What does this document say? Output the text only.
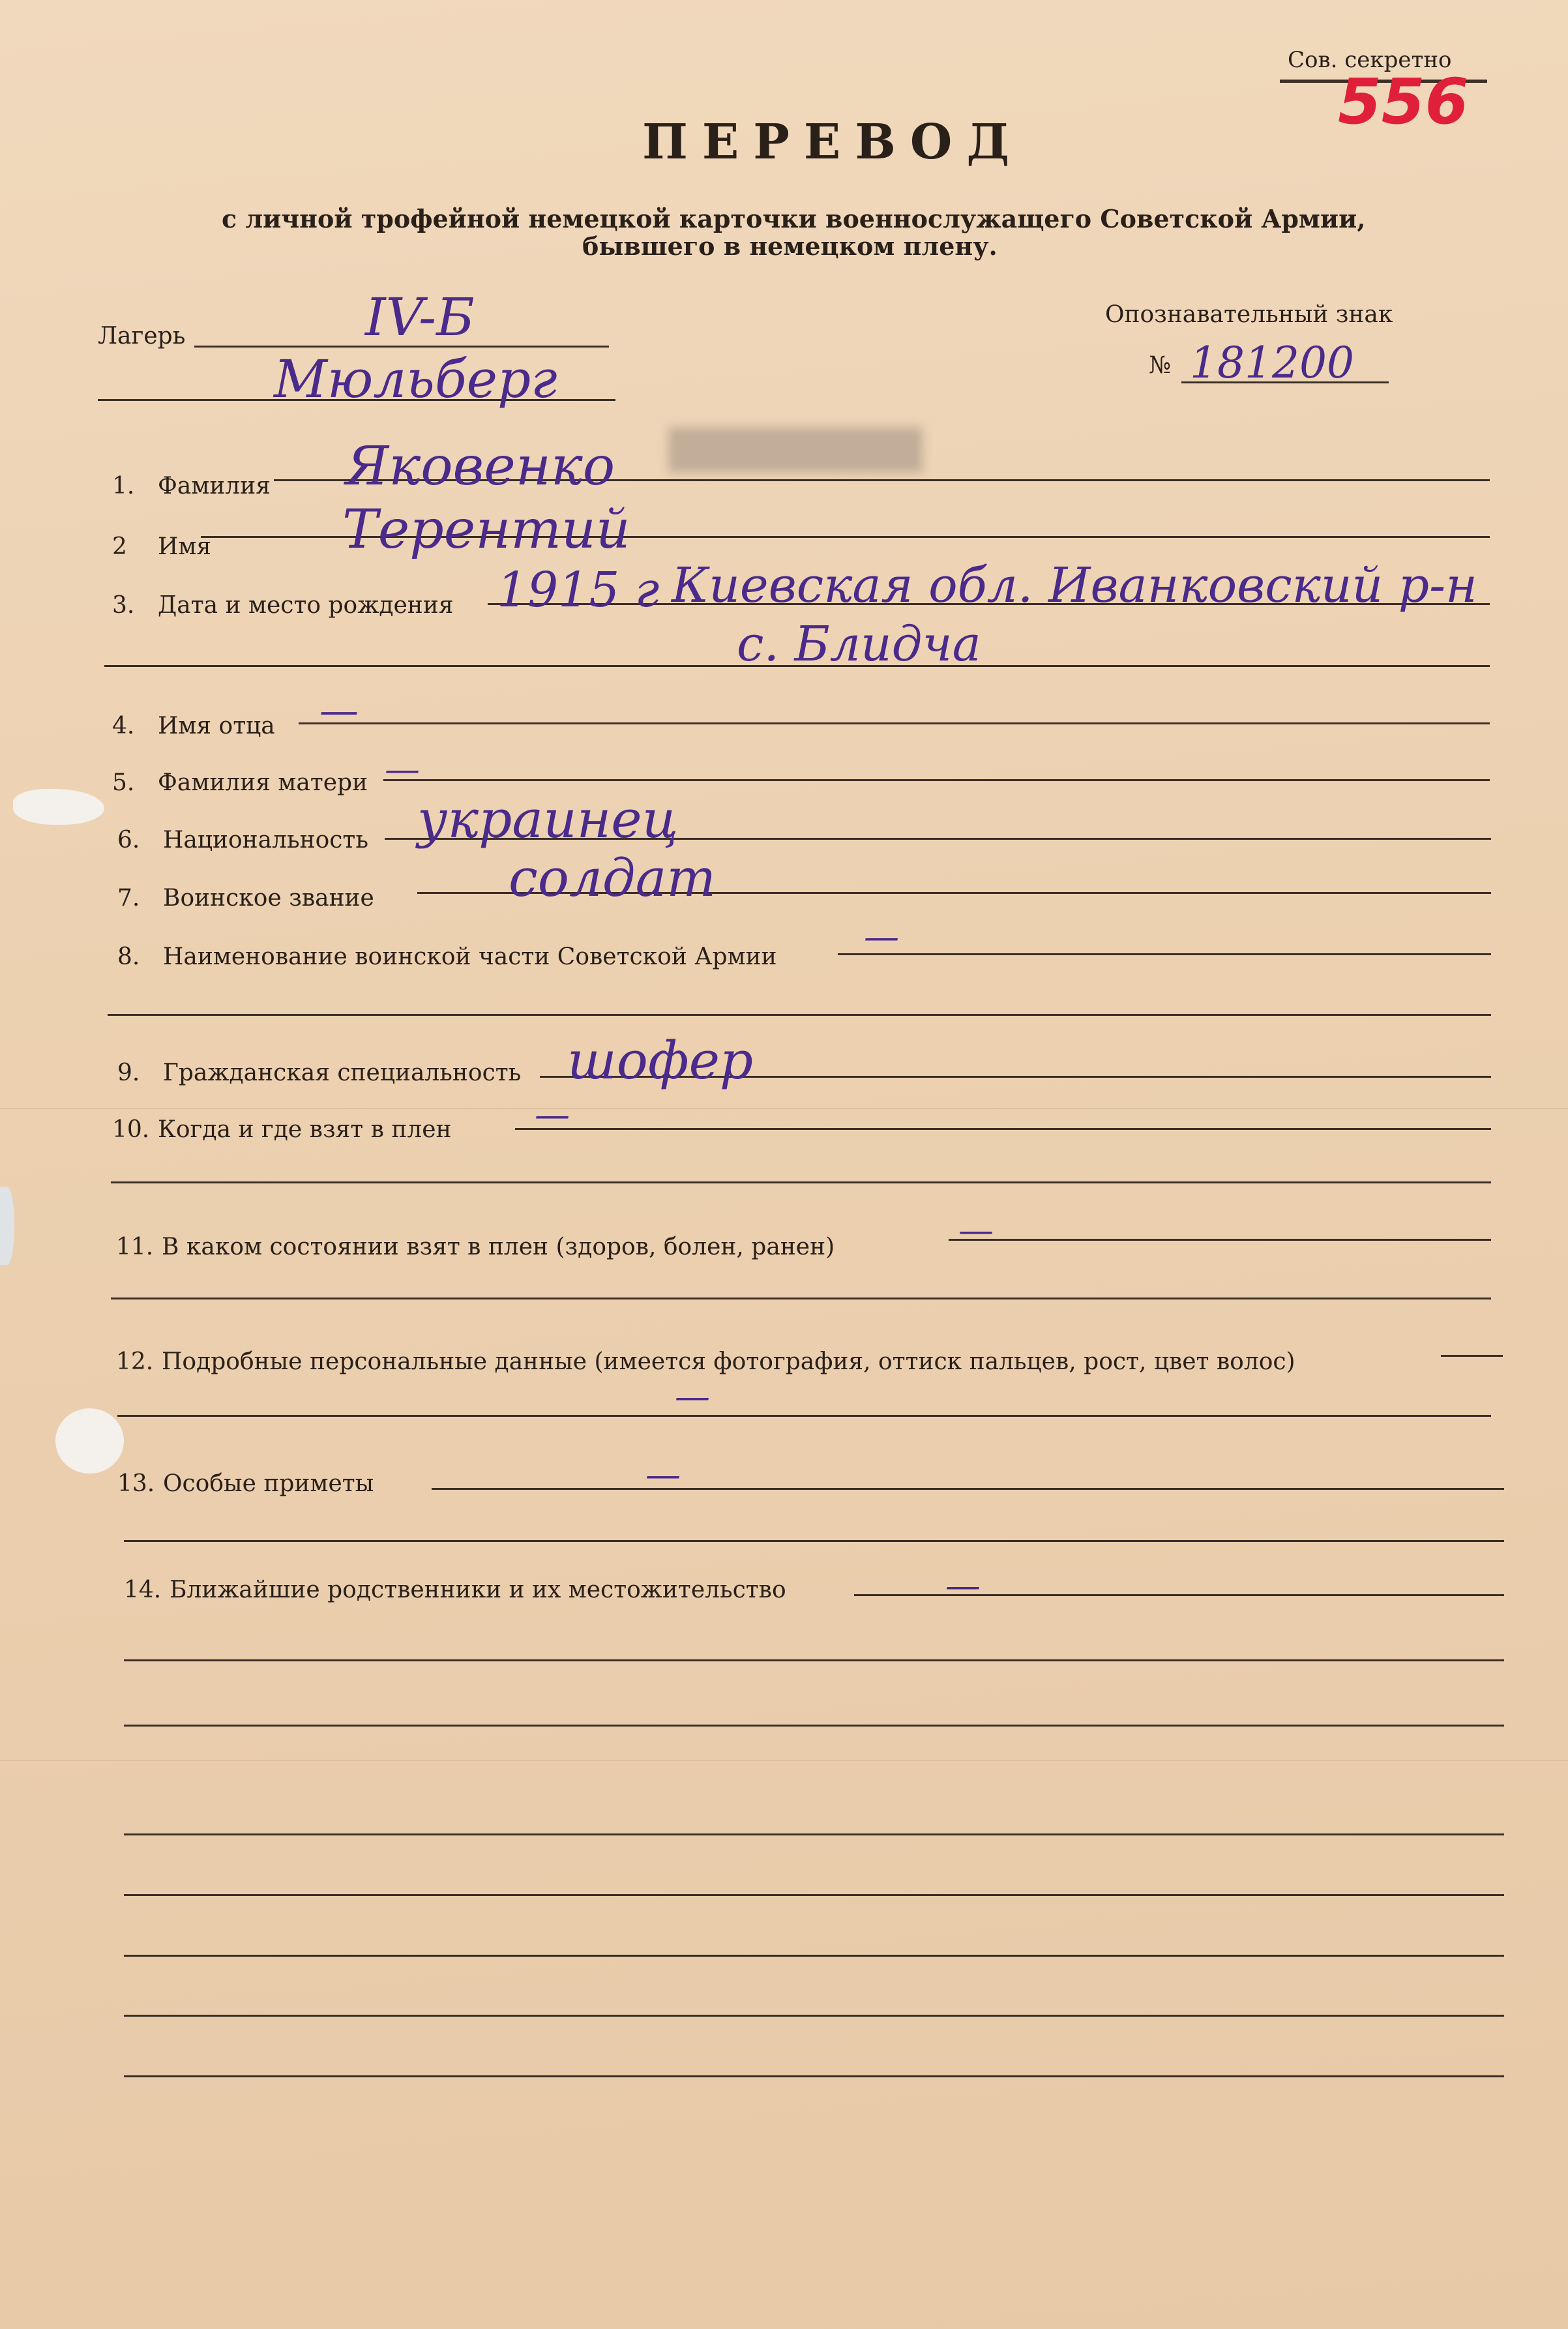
Сов. секретно
556
ПЕРЕВОД
с личной трофейной немецкой карточки военнослужащего Советской Армии,
бывшего в немецком плену.
Лагерь	IV-Б
Мюльберг
Опознавательный знак
№ 181200
1. Фамилия Яковенко
2 Имя Терентий
3. Дата и место рождения 1915 г Киевская обл. Иванковский р-н
с. Блидча
4. Имя отца —
5. Фамилия матери —
6. Национальность украинец
7. Воинское звание	солдат
8. Наименование воинской части Советской Армии —
9. Гражданская специальность шофер
10. Когда и где взят в плен —
11. В каком состоянии взят в плен (здоров, болен, ранен)	—
12. Подробные персональные данные (имеется фотография, оттиск пальцев, рост, цвет волос)
—
13. Особые приметы	—
14. Ближайшие родственники и их местожительство	—
